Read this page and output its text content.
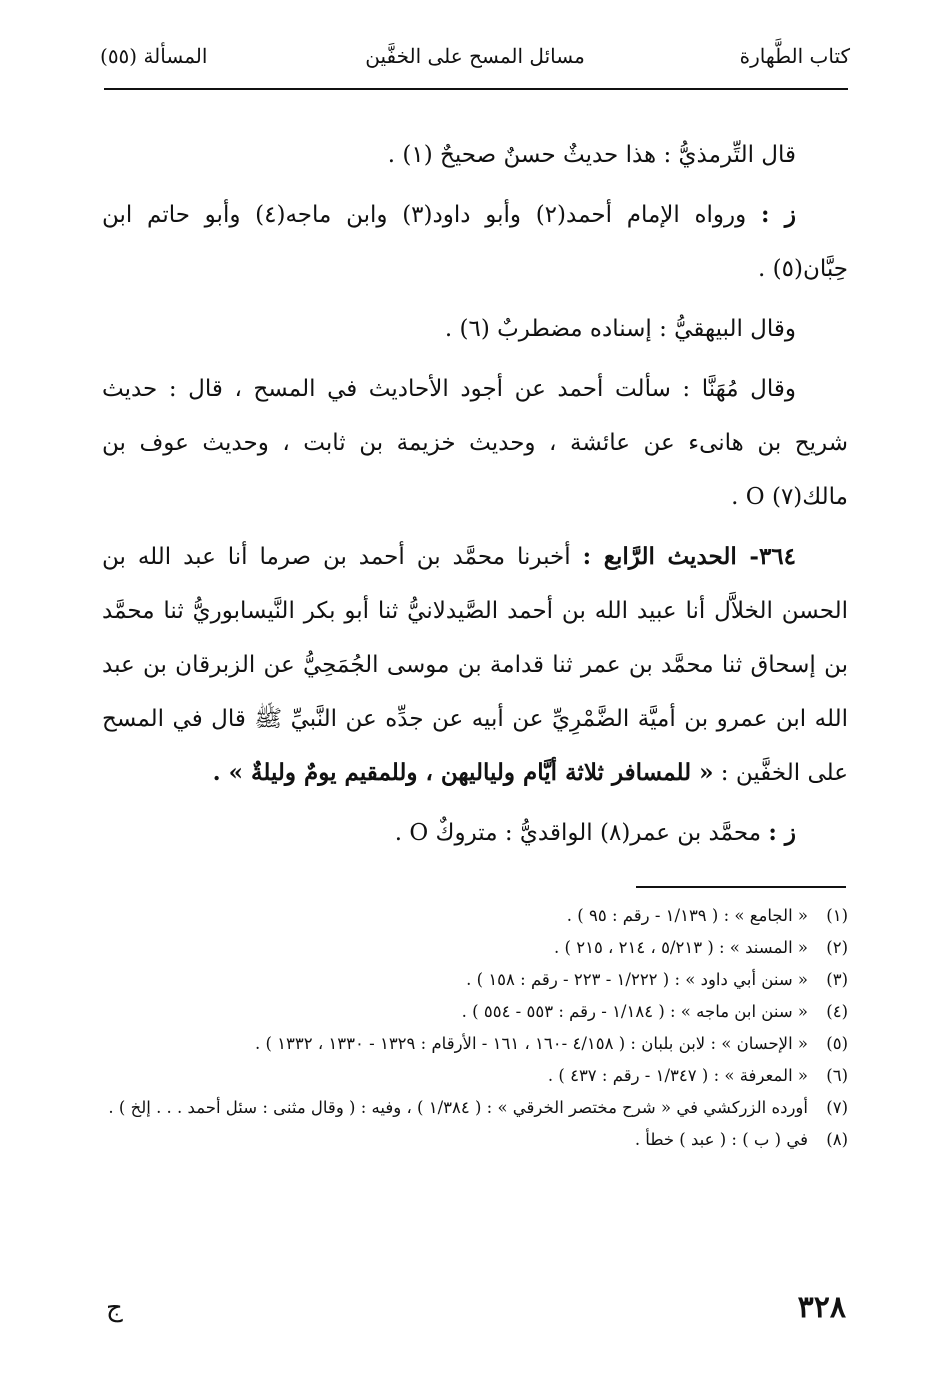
كتاب الطَّهارة
مسائل المسح على الخفَّين
المسألة (٥٥)

قال التِّرمذيُّ : هذا حديثٌ حسنٌ صحيحٌ (١) .

ز : ورواه الإمام أحمد(٢) وأبو داود(٣) وابن ماجه(٤) وأبو حاتم ابن حِبَّان(٥) .

وقال البيهقيُّ : إسناده مضطربٌ (٦) .

وقال مُهَنَّا : سألت أحمد عن أجود الأحاديث في المسح ، قال : حديث شريح بن هانىء عن عائشة ، وحديث خزيمة بن ثابت ، وحديث عوف بن مالك(٧) O .

٣٦٤- الحديث الرَّابع : أخبرنا محمَّد بن أحمد بن صرما أنا عبد الله بن الحسن الخلاَّل أنا عبيد الله بن أحمد الصَّيدلانيُّ ثنا أبو بكر النَّيسابوريُّ ثنا محمَّد بن إسحاق ثنا محمَّد بن عمر ثنا قدامة بن موسى الجُمَحِيُّ عن الزبرقان بن عبد الله ابن عمرو بن أميَّة الضَّمْرِيِّ عن أبيه عن جدِّه عن النَّبيِّ ﷺ قال في المسح على الخفَّين : « للمسافر ثلاثة أيَّام ولياليهن ، وللمقيم يومٌ وليلةٌ » .

ز : محمَّد بن عمر(٨) الواقديُّ : متروكٌ O .

(١)
« الجامع » : ( ١/١٣٩ - رقم : ٩٥ ) .
(٢)
« المسند » : ( ٥/٢١٣ ، ٢١٤ ، ٢١٥ ) .
(٣)
« سنن أبي داود » : ( ١/٢٢٢ - ٢٢٣ - رقم : ١٥٨ ) .
(٤)
« سنن ابن ماجه » : ( ١/١٨٤ - رقم : ٥٥٣ - ٥٥٤ ) .
(٥)
« الإحسان » : لابن بلبان : ( ٤/١٥٨ -١٦٠ ، ١٦١ - الأرقام : ١٣٢٩ - ١٣٣٠ ، ١٣٣٢ ) .
(٦)
« المعرفة » : ( ١/٣٤٧ - رقم : ٤٣٧ ) .
(٧)
أورده الزركشي في « شرح مختصر الخرقي » : ( ١/٣٨٤ ) ، وفيه : ( وقال مثنى : سئل أحمد . . . إلخ ) .
(٨)
في ( ب ) : ( عبد ) خطأ .
٣٢٨
ج
